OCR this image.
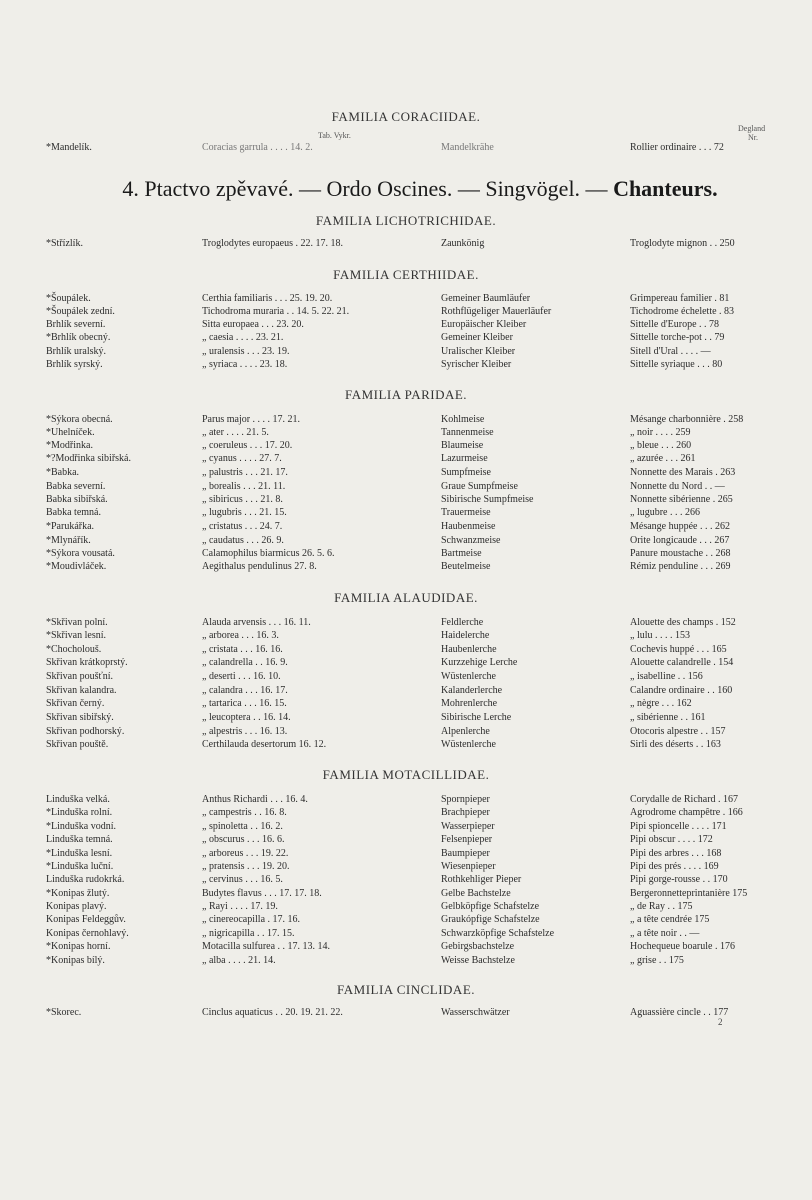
FAMILIA CORACIIDAE.
Tab. Vykr.
Degland
Nr.
*Mandelík.	Coracias garrula . . . . 14. 2.	Mandelkrähe	Rollier ordinaire . . . 72
4. Ptactvo zpěvavé. — Ordo Oscines. — Singvögel. — Chanteurs.
FAMILIA LICHOTRICHIDAE.
*Střízlík.	Troglodytes europaeus . 22. 17. 18.	Zaunkönig	Troglodyte mignon . . 250
FAMILIA CERTHIIDAE.
*Šoupálek.	Certhia familiaris . . . 25. 19. 20.	Gemeiner Baumläufer	Grimpereau familier . 81
*Šoupálek zední.	Tichodroma muraria . . 14. 5. 22. 21.	Rothflügeliger Mauerläufer	Tichodrome échelette . 83
Brhlík severní.	Sitta europaea . . . 23. 20.	Europäischer Kleiber	Sittelle d'Europe . . 78
*Brhlík obecný.	„ caesia . . . . 23. 21.	Gemeiner Kleiber	Sittelle torche-pot . . 79
Brhlík uralský.	„ uralensis . . . 23. 19.	Uralischer Kleiber	Sitell d'Ural . . . . —
Brhlík syrský.	„ syriaca . . . . 23. 18.	Syrischer Kleiber	Sittelle syriaque . . . 80
FAMILIA PARIDAE.
*Sýkora obecná.	Parus major . . . . 17. 21.	Kohlmeise	Mésange charbonnière . 258
*Uhelníček.	„ ater . . . . 21. 5.	Tannenmeise	„ noir . . . . 259
*Modřinka.	„ coeruleus . . . 17. 20.	Blaumeise	„ bleue . . . 260
*?Modřinka sibiřská.	„ cyanus . . . . 27. 7.	Lazurmeise	„ azurée . . . 261
*Babka.	„ palustris . . . 21. 17.	Sumpfmeise	Nonnette des Marais . 263
Babka severní.	„ borealis . . . 21. 11.	Graue Sumpfmeise	Nonnette du Nord . . —
Babka sibiřská.	„ sibiricus . . . 21. 8.	Sibirische Sumpfmeise	Nonnette sibérienne . 265
Babka temná.	„ lugubris . . . 21. 15.	Trauermeise	„ lugubre . . . 266
*Parukářka.	„ cristatus . . . 24. 7.	Haubenmeise	Mésange huppée . . . 262
*Mlynářík.	„ caudatus . . . 26. 9.	Schwanzmeise	Orite longicaude . . . 267
*Sýkora vousatá.	Calamophilus biarmicus 26. 5. 6.	Bartmeise	Panure moustache . . 268
*Moudivláček.	Aegithalus pendulinus 27. 8.	Beutelmeise	Rémiz penduline . . . 269
FAMILIA ALAUDIDAE.
*Skřivan polní.	Alauda arvensis . . . 16. 11.	Feldlerche	Alouette des champs . 152
*Skřivan lesní.	„ arborea . . . 16. 3.	Haidelerche	„ lulu . . . . 153
*Chocholouš.	„ cristata . . . 16. 16.	Haubenlerche	Cochevis huppé . . . 165
Skřivan krátkoprstý.	„ calandrella . . 16. 9.	Kurzzehige Lerche	Alouette calandrelle . 154
Skřivan poušťní.	„ deserti . . . 16. 10.	Wüstenlerche	„ isabelline . . 156
Skřivan kalandra.	„ calandra . . . 16. 17.	Kalanderlerche	Calandre ordinaire . . 160
Skřivan černý.	„ tartarica . . . 16. 15.	Mohrenlerche	„ nègre . . . 162
Skřivan sibiřský.	„ leucoptera . . 16. 14.	Sibirische Lerche	„ sibérienne . . 161
Skřivan podhorský.	„ alpestris . . . 16. 13.	Alpenlerche	Otocoris alpestre . . 157
Skřivan pouště.	Certhilauda desertorum 16. 12.	Wüstenlerche	Sirli des déserts . . 163
FAMILIA MOTACILLIDAE.
Linduška velká.	Anthus Richardi . . . 16. 4.	Spornpieper	Corydalle de Richard . 167
*Linduška rolní.	„ campestris . . 16. 8.	Brachpieper	Agrodrome champêtre . 166
*Linduška vodní.	„ spinoletta . . 16. 2.	Wasserpieper	Pipi spioncelle . . . . 171
Linduška temná.	„ obscurus . . . 16. 6.	Felsenpieper	Pipi obscur . . . . 172
*Linduška lesní.	„ arboreus . . . 19. 22.	Baumpieper	Pipi des arbres . . . 168
*Linduška luční.	„ pratensis . . . 19. 20.	Wiesenpieper	Pipi des prés . . . . 169
Linduška rudokrká.	„ cervinus . . . 16. 5.	Rothkehliger Pieper	Pipi gorge-rousse . . 170
*Konipas žlutý.	Budytes flavus . . . 17. 17. 18.	Gelbe Bachstelze	Bergeronnetteprintanière 175
Konipas plavý.	„ Rayi . . . . 17. 19.	Gelbköpfige Schafstelze	„ de Ray . . 175
Konipas Feldeggův.	„ cinereocapilla . 17. 16.	Graukópfige Schafstelze	„ a tête cendrée 175
Konipas černohlavý.	„ nigricapilla . . 17. 15.	Schwarzköpfige Schafstelze	„ a tête noir . . —
*Konipas horní.	Motacilla sulfurea . . 17. 13. 14.	Gebirgsbachstelze	Hochequeue boarule . 176
*Konipas bílý.	„ alba . . . . 21. 14.	Weisse Bachstelze	„ grise . . 175
FAMILIA CINCLIDAE.
*Skorec.	Cinclus aquaticus . . 20. 19. 21. 22.	Wasserschwätzer	Aguassière cincle . . 177
2
